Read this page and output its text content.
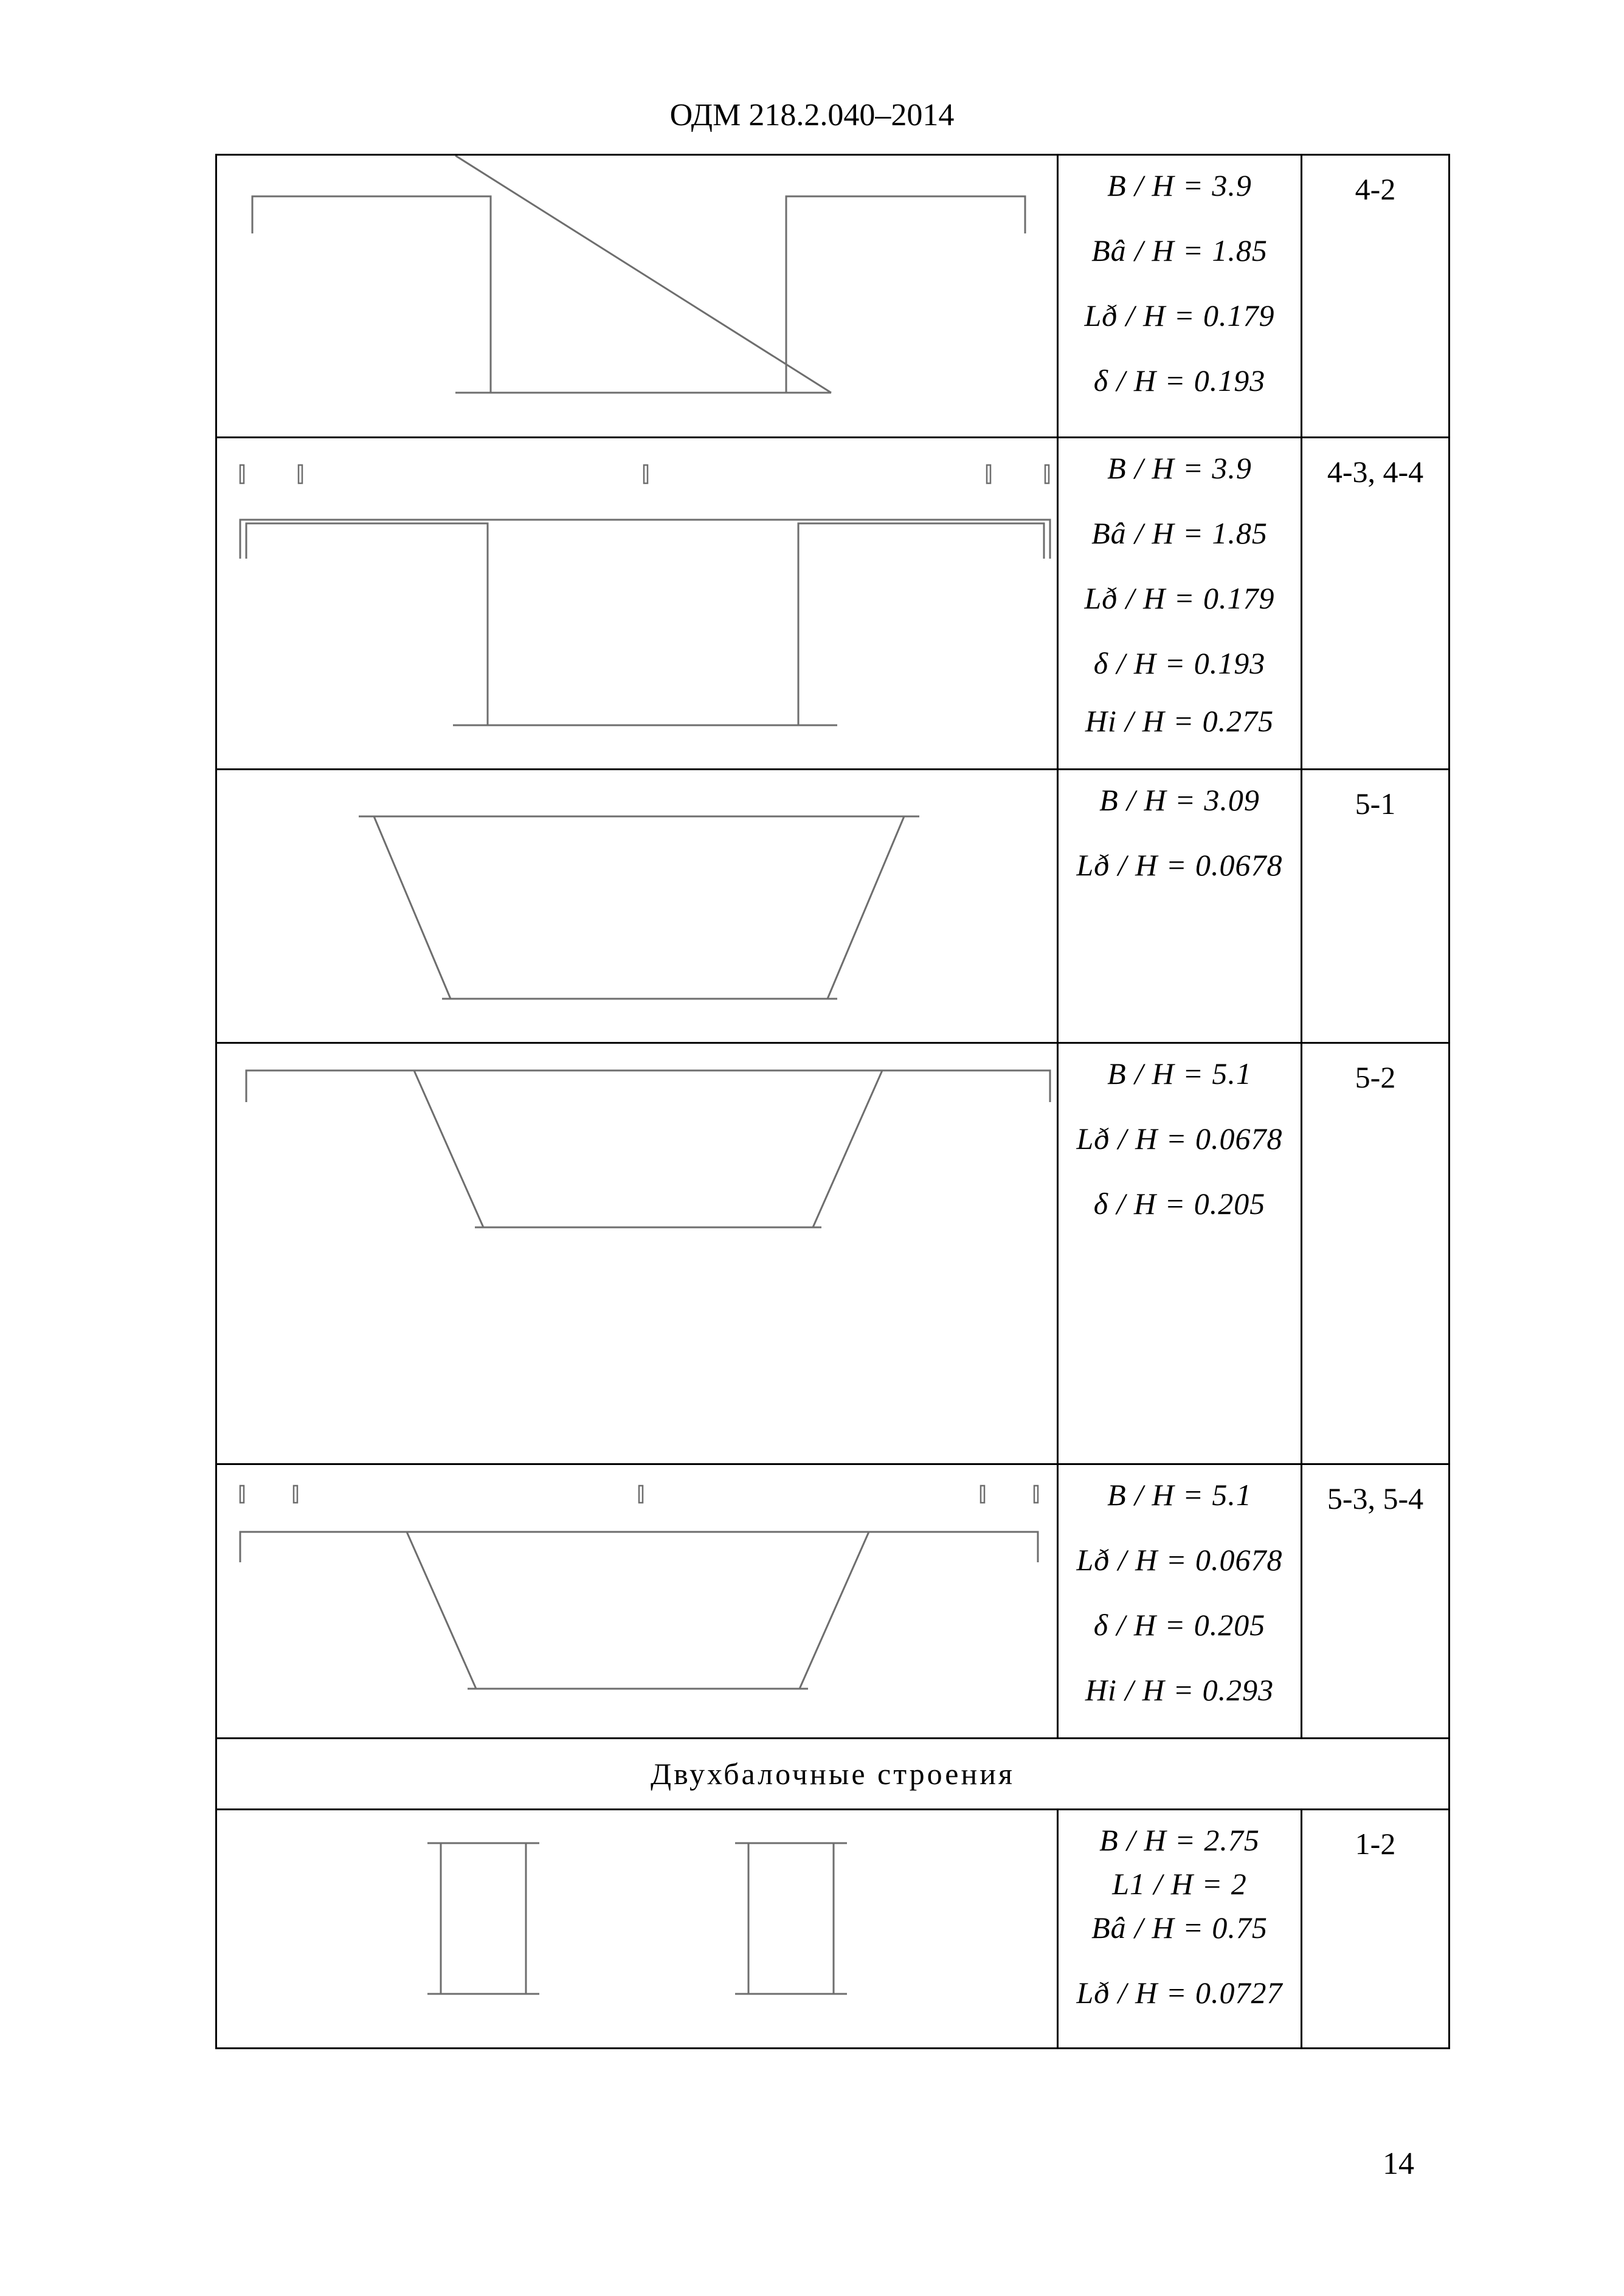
ОДМ 218.2.040–2014

B / H = 3.9
Bâ / H = 1.85
Lð / H = 0.179
δ / H = 0.193	4-2

B / H = 3.9
Bâ / H = 1.85
Lð / H = 0.179
δ / H = 0.193
Hi / H = 0.275	4-3, 4-4

B / H = 3.09
Lð / H = 0.0678	5-1

B / H = 5.1
Lð / H = 0.0678
δ / H = 0.205	5-2

B / H = 5.1
Lð / H = 0.0678
δ / H = 0.205
Hi / H = 0.293	5-3, 5-4

Двухбалочные строения		

B / H = 2.75
L1 / H = 2
Bâ / H = 0.75
Lð / H = 0.0727	1-2
14
